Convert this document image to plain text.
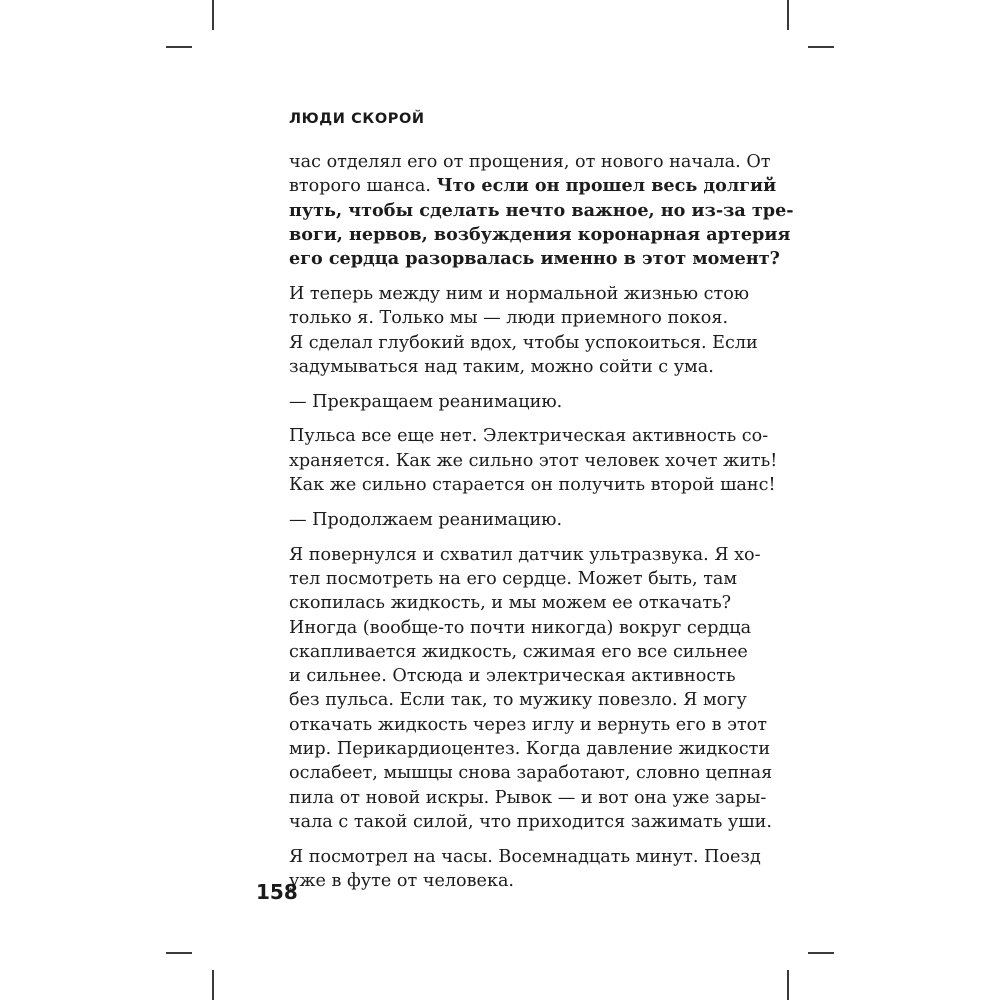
ЛЮДИ СКОРОЙ
час отделял его от прощения, от нового начала. От
второго шанса. Что если он прошел весь долгий
путь, чтобы сделать нечто важное, но из-за тре-
воги, нервов, возбуждения коронарная артерия
его сердца разорвалась именно в этот момент?
И теперь между ним и нормальной жизнью стою
только я. Только мы — люди приемного покоя.
Я сделал глубокий вдох, чтобы успокоиться. Если
задумываться над таким, можно сойти с ума.
— Прекращаем реанимацию.
Пульса все еще нет. Электрическая активность со-
храняется. Как же сильно этот человек хочет жить!
Как же сильно старается он получить второй шанс!
— Продолжаем реанимацию.
Я повернулся и схватил датчик ультразвука. Я хо-
тел посмотреть на его сердце. Может быть, там
скопилась жидкость, и мы можем ее откачать?
Иногда (вообще-то почти никогда) вокруг сердца
скапливается жидкость, сжимая его все сильнее
и сильнее. Отсюда и электрическая активность
без пульса. Если так, то мужику повезло. Я могу
откачать жидкость через иглу и вернуть его в этот
мир. Перикардиоцентез. Когда давление жидкости
ослабеет, мышцы снова заработают, словно цепная
пила от новой искры. Рывок — и вот она уже зары-
чала с такой силой, что приходится зажимать уши.
Я посмотрел на часы. Восемнадцать минут. Поезд
уже в футе от человека.
158
